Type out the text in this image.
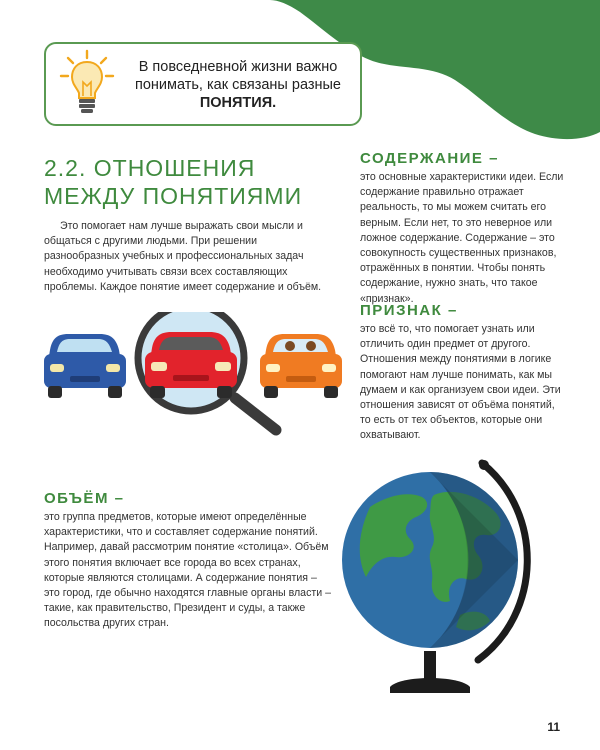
В повседневной жизни важно
понимать, как связаны разные
ПОНЯТИЯ.
2.2. ОТНОШЕНИЯ
МЕЖДУ ПОНЯТИЯМИ

Это помогает нам лучше выражать свои мысли и общаться с другими людьми. При решении разнообразных учебных и профессиональных задач необходимо учитывать связи всех составляющих проблемы. Каждое понятие имеет содержание и объём.

СОДЕРЖАНИЕ –

это основные характеристики идеи. Если содержание правильно отражает реальность, то мы можем считать его верным. Если нет, то это неверное или ложное содержание. Содержание – это совокупность существенных признаков, отражённых в понятии. Чтобы понять содержание, нужно знать, что такое «признак».

ПРИЗНАК –

это всё то, что помогает узнать или отличить один предмет от другого. Отношения между понятиями в логике помогают нам лучше понимать, как мы думаем и как организуем свои идеи. Эти отношения зависят от объёма понятий, то есть от тех объектов, которые они охватывают.

ОБЪЁМ –

это группа предметов, которые имеют определённые характеристики, что и составляет содержание понятий.

Например, давай рассмотрим понятие «столица». Объём этого понятия включает все города во всех странах, которые являются столицами. А содержание понятия – это город, где обычно находятся главные органы власти – такие, как правительство, Президент и суды, а также посольства других стран.

11
